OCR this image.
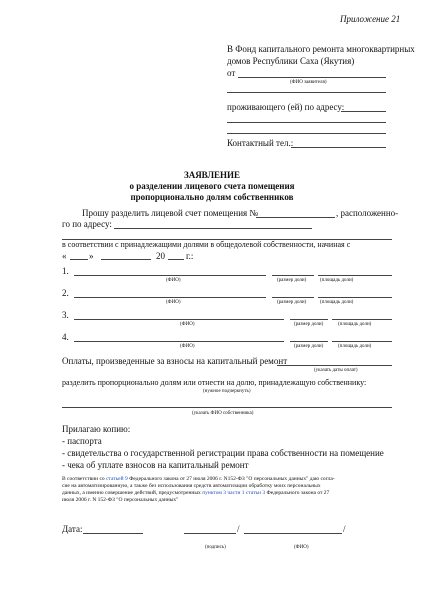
Приложение 21
В Фонд капитального ремонта многоквартирных
домов Республики Саха (Якутия)
от
(ФИО заявителя)
проживающего (ей) по адресу:
Контактный тел.:
ЗАЯВЛЕНИЕ
о разделении лицевого счета помещения
пропорционально долям собственников
Прошу разделить лицевой счет помещения №	, расположенно-
го по адресу:
в соответствии с принадлежащими долями в общедолевой собственности, начиная с
«	»	20 г.:
1.
(ФИО)	(размер доли)	(площадь доли)
2.
(ФИО)	(размер доли)	(площадь доли)
3.
(ФИО)	(размер доли)	(площадь доли)
4.
(ФИО)	(размер доли)	(площадь доли)
Оплаты, произведенные за взносы на капитальный ремонт
(указать даты оплат)
разделить пропорционально долям или отнести на долю, принадлежащую собственнику:
(нужное подчеркнуть)
(указать ФИО собственника)
Прилагаю копию:
- паспорта
- свидетельства о государственной регистрации права собственности на помещение
- чека об уплате взносов на капитальный ремонт
В соответствии со статьей 9 Федерального закона от 27 июля 2006 г. N152-ФЗ "О персональных данных" даю согла-
сие на автоматизированную, а также без использования средств автоматизации обработку моих персональных
данных, а именно совершение действий, предусмотренных пунктом 3 части 1 статьи 3 Федерального закона от 27
июля 2006 г. N 152-ФЗ "О персональных данных"
Дата:	/	/
(подпись)	(ФИО)
